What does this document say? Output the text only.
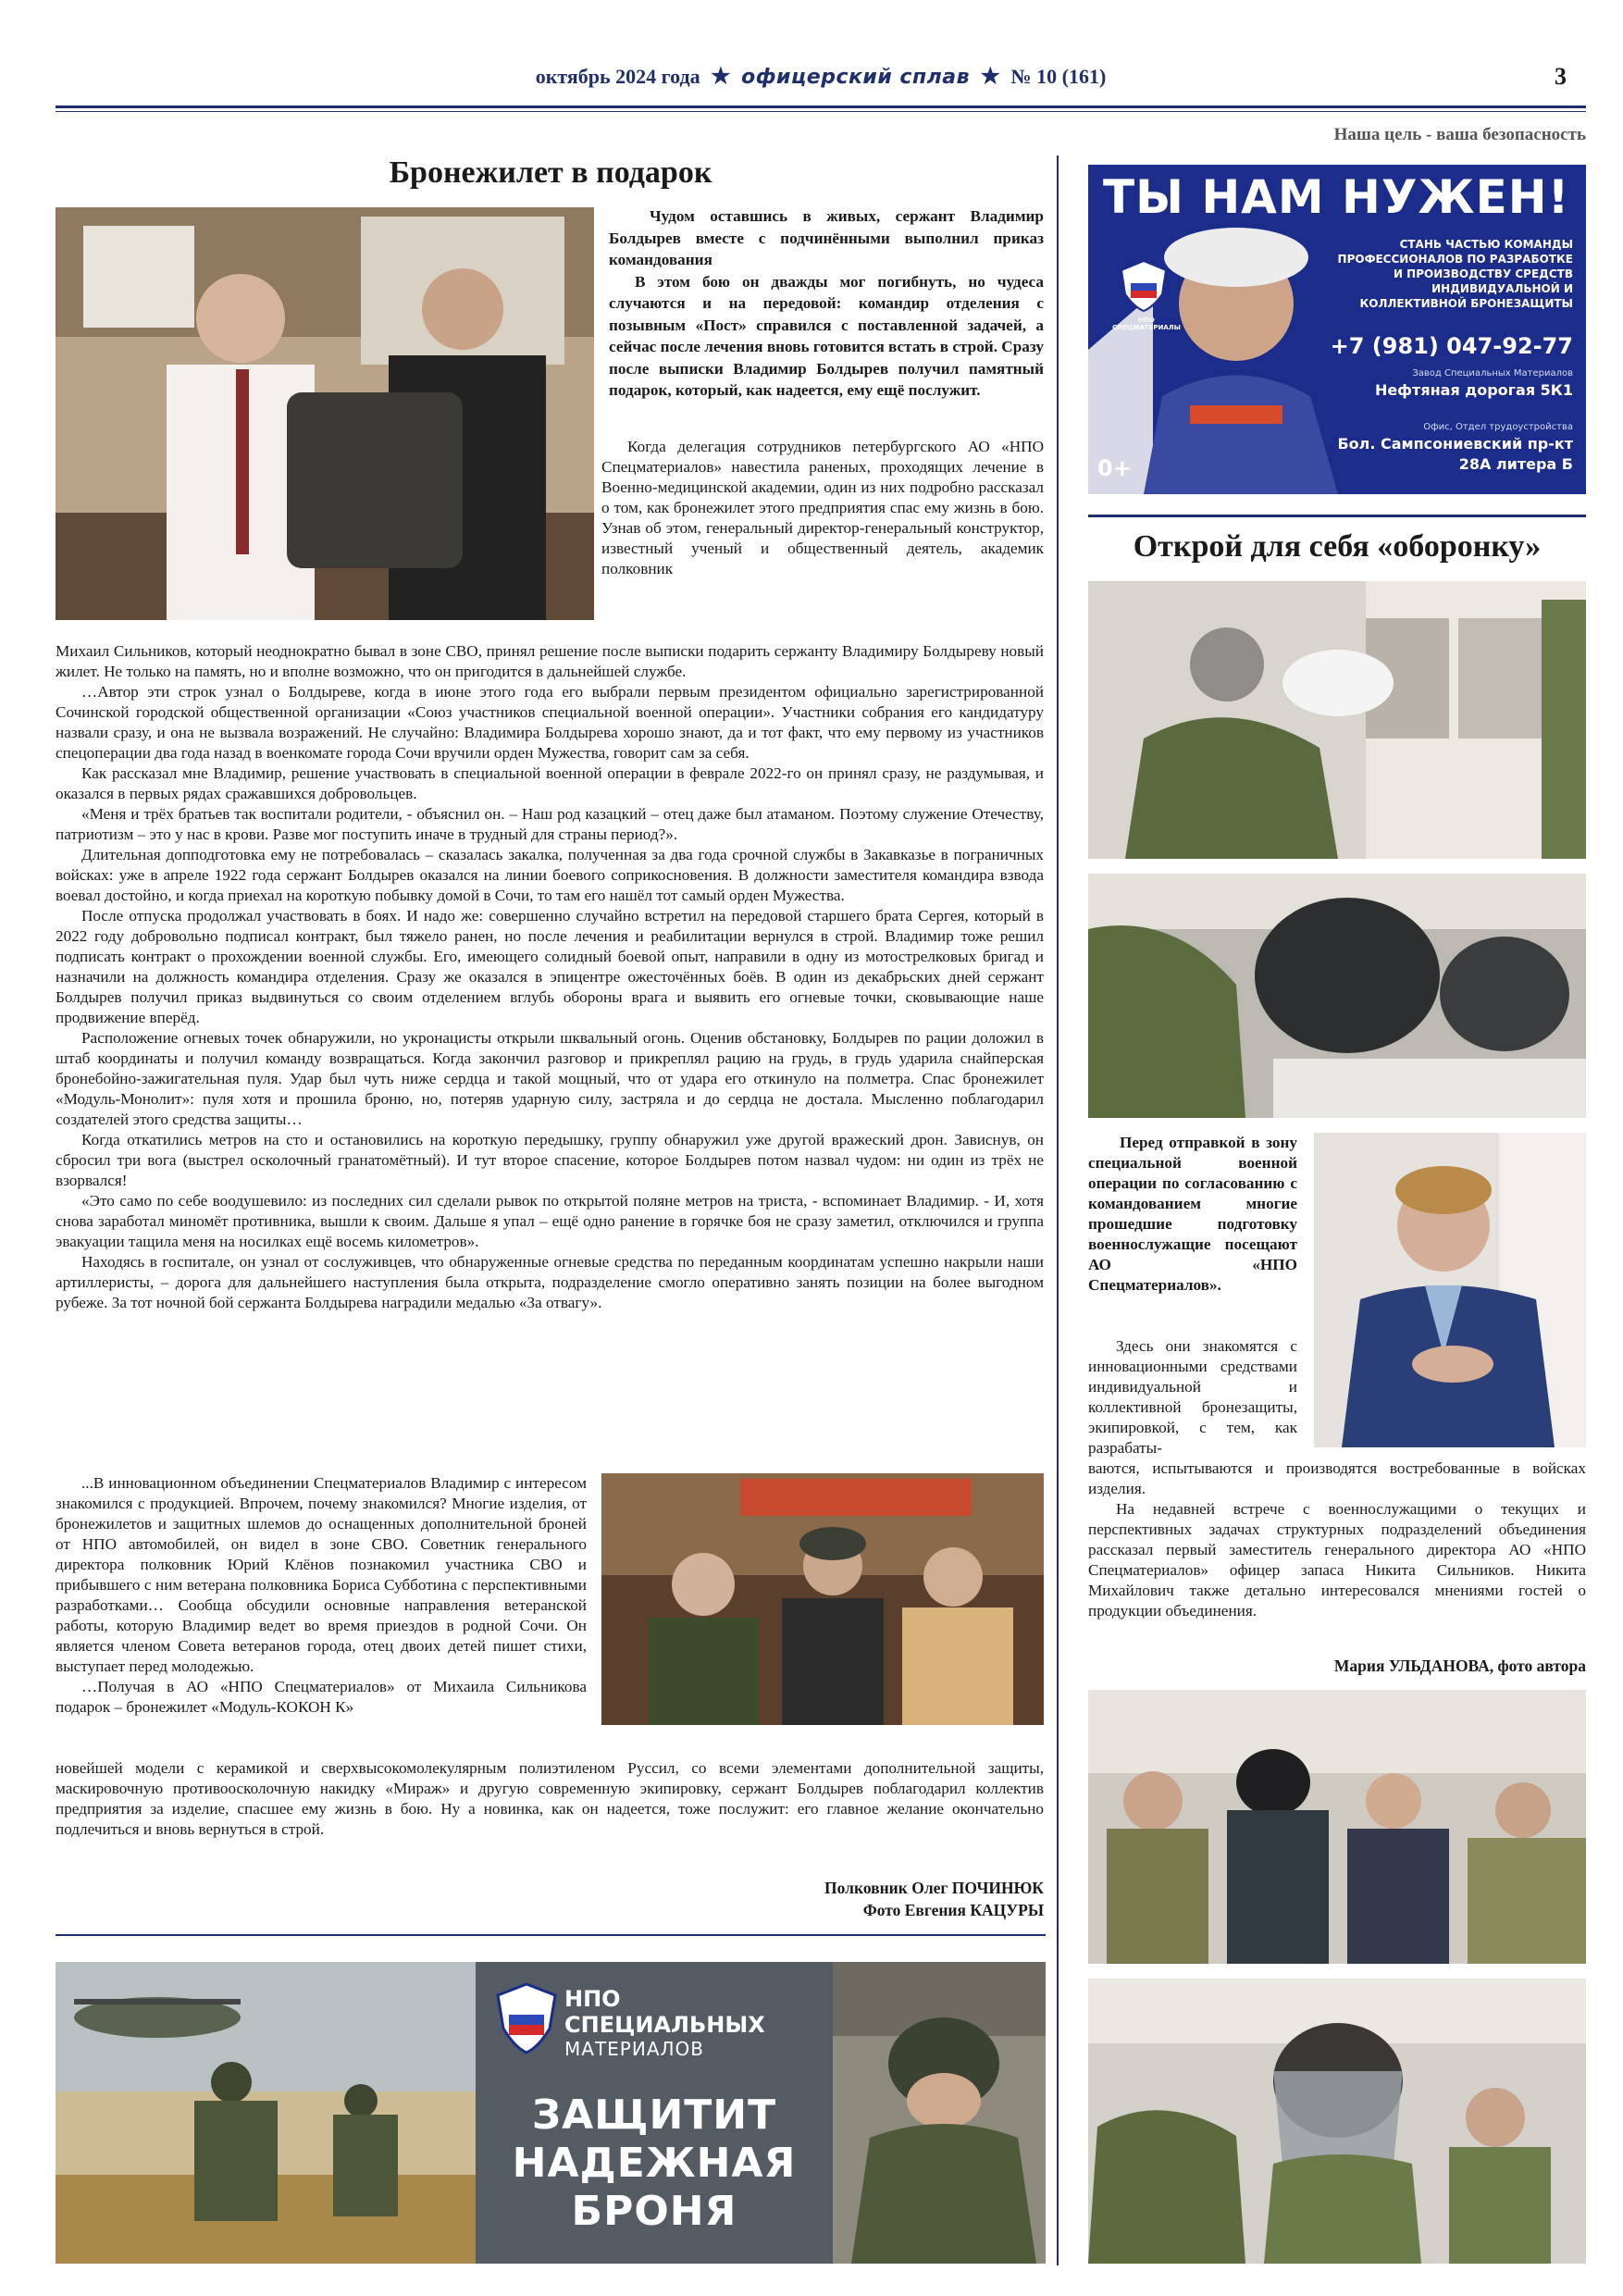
октябрь 2024 года ★ офицерский сплав ★ № 10 (161)	3
Наша цель - ваша безопасность
Бронежилет в подарок

Чудом оставшись в живых, сержант Владимир Болдырев вместе с подчинёнными выполнил приказ командования

В этом бою он дважды мог погибнуть, но чудеса случаются и на передовой: командир отделения с позывным «Пост» справился с поставленной задачей, а сейчас после лечения вновь готовится встать в строй. Сразу после выписки Владимир Болдырев получил памятный подарок, который, как надеется, ему ещё послужит.

Когда делегация сотрудников петербургского АО «НПО Спецматериалов» навестила раненых, проходящих лечение в Военно-медицинской академии, один из них подробно рассказал о том, как бронежилет этого предприятия спас ему жизнь в бою. Узнав об этом, генеральный директор-генеральный конструктор, известный ученый и общественный деятель, академик полковник

Михаил Сильников, который неоднократно бывал в зоне СВО, принял решение после выписки подарить сержанту Владимиру Болдыреву новый жилет. Не только на память, но и вполне возможно, что он пригодится в дальнейшей службе.

…Автор эти строк узнал о Болдыреве, когда в июне этого года его выбрали первым президентом официально зарегистрированной Сочинской городской общественной организации «Союз участников специальной военной операции». Участники собрания его кандидатуру назвали сразу, и она не вызвала возражений. Не случайно: Владимира Болдырева хорошо знают, да и тот факт, что ему первому из участников спецоперации два года назад в военкомате города Сочи вручили орден Мужества, говорит сам за себя.

Как рассказал мне Владимир, решение участвовать в специальной военной операции в феврале 2022-го он принял сразу, не раздумывая, и оказался в первых рядах сражавшихся добровольцев.

«Меня и трёх братьев так воспитали родители, - объяснил он. – Наш род казацкий – отец даже был атаманом. Поэтому служение Отечеству, патриотизм – это у нас в крови. Разве мог поступить иначе в трудный для страны период?».

Длительная допподготовка ему не потребовалась – сказалась закалка, полученная за два года срочной службы в Закавказье в пограничных войсках: уже в апреле 1922 года сержант Болдырев оказался на линии боевого соприкосновения. В должности заместителя командира взвода воевал достойно, и когда приехал на короткую побывку домой в Сочи, то там его нашёл тот самый орден Мужества.

После отпуска продолжал участвовать в боях. И надо же: совершенно случайно встретил на передовой старшего брата Сергея, который в 2022 году добровольно подписал контракт, был тяжело ранен, но после лечения и реабилитации вернулся в строй. Владимир тоже решил подписать контракт о прохождении военной службы. Его, имеющего солидный боевой опыт, направили в одну из мотострелковых бригад и назначили на должность командира отделения. Сразу же оказался в эпицентре ожесточённых боёв. В один из декабрьских дней сержант Болдырев получил приказ выдвинуться со своим отделением вглубь обороны врага и выявить его огневые точки, сковывающие наше продвижение вперёд.

Расположение огневых точек обнаружили, но укронацисты открыли шквальный огонь. Оценив обстановку, Болдырев по рации доложил в штаб координаты и получил команду возвращаться. Когда закончил разговор и прикреплял рацию на грудь, в грудь ударила снайперская бронебойно-зажигательная пуля. Удар был чуть ниже сердца и такой мощный, что от удара его откинуло на полметра. Спас бронежилет «Модуль-Монолит»: пуля хотя и прошила броню, но, потеряв ударную силу, застряла и до сердца не достала. Мысленно поблагодарил создателей этого средства защиты…

Когда откатились метров на сто и остановились на короткую передышку, группу обнаружил уже другой вражеский дрон. Зависнув, он сбросил три вога (выстрел осколочный гранатомётный). И тут второе спасение, которое Болдырев потом назвал чудом: ни один из трёх не взорвался!

«Это само по себе воодушевило: из последних сил сделали рывок по открытой поляне метров на триста, - вспоминает Владимир. - И, хотя снова заработал миномёт противника, вышли к своим. Дальше я упал – ещё одно ранение в горячке боя не сразу заметил, отключился и группа эвакуации тащила меня на носилках ещё восемь километров».

Находясь в госпитале, он узнал от сослуживцев, что обнаруженные огневые средства по переданным координатам успешно накрыли наши артиллеристы, – дорога для дальнейшего наступления была открыта, подразделение смогло оперативно занять позиции на более выгодном рубеже. За тот ночной бой сержанта Болдырева наградили медалью «За отвагу».

...В инновационном объединении Спецматериалов Владимир с интересом знакомился с продукцией. Впрочем, почему знакомился? Многие изделия, от бронежилетов и защитных шлемов до оснащенных дополнительной броней от НПО автомобилей, он видел в зоне СВО. Советник генерального директора полковник Юрий Клёнов познакомил участника СВО и прибывшего с ним ветерана полковника Бориса Субботина с перспективными разработками… Сообща обсудили основные направления ветеранской работы, которую Владимир ведет во время приездов в родной Сочи. Он является членом Совета ветеранов города, отец двоих детей пишет стихи, выступает перед молодежью.

…Получая в АО «НПО Спецматериалов» от Михаила Сильникова подарок – бронежилет «Модуль-КОКОН К»

новейшей модели с керамикой и сверхвысокомолекулярным полиэтиленом Руссил, со всеми элементами дополнительной защиты, маскировочную противоосколочную накидку «Мираж» и другую современную экипировку, сержант Болдырев поблагодарил коллектив предприятия за изделие, спасшее ему жизнь в бою. Ну а новинка, как он надеется, тоже послужит: его главное желание окончательно подлечиться и вновь вернуться в строй.

Полковник Олег ПОЧИНЮК
Фото Евгения КАЦУРЫ
ТЫ НАМ НУЖЕН!
НПО СПЕЦМАТЕРИАЛЫ
СТАНЬ ЧАСТЬЮ КОМАНДЫ ПРОФЕССИОНАЛОВ ПО РАЗРАБОТКЕ И ПРОИЗВОДСТВУ СРЕДСТВ ИНДИВИДУАЛЬНОЙ И КОЛЛЕКТИВНОЙ БРОНЕЗАЩИТЫ
+7 (981) 047-92-77
Завод Специальных Материалов
Нефтяная дорогая 5К1
Офис, Отдел трудоустройства
Бол. Сампсониевский пр-кт
28А литера Б
0+
Открой для себя «оборонку»

Перед отправкой в зону специальной военной операции по согласованию с командованием многие прошедшие подготовку военнослужащие посещают АО «НПО Спецматериалов».

Здесь они знакомятся с инновационными средствами индивидуальной и коллективной бронезащиты, экипировкой, с тем, как разрабаты-

ваются, испытываются и производятся востребованные в войсках изделия.

На недавней встрече с военнослужащими о текущих и перспективных задачах структурных подразделений объединения рассказал первый заместитель генерального директора АО «НПО Спецматериалов» офицер запаса Никита Сильников. Никита Михайлович также детально интересовался мнениями гостей о продукции объединения.

Мария УЛЬДАНОВА, фото автора
НПО СПЕЦИАЛЬНЫХ
МАТЕРИАЛОВ
ЗАЩИТИТ
НАДЕЖНАЯ
БРОНЯ
